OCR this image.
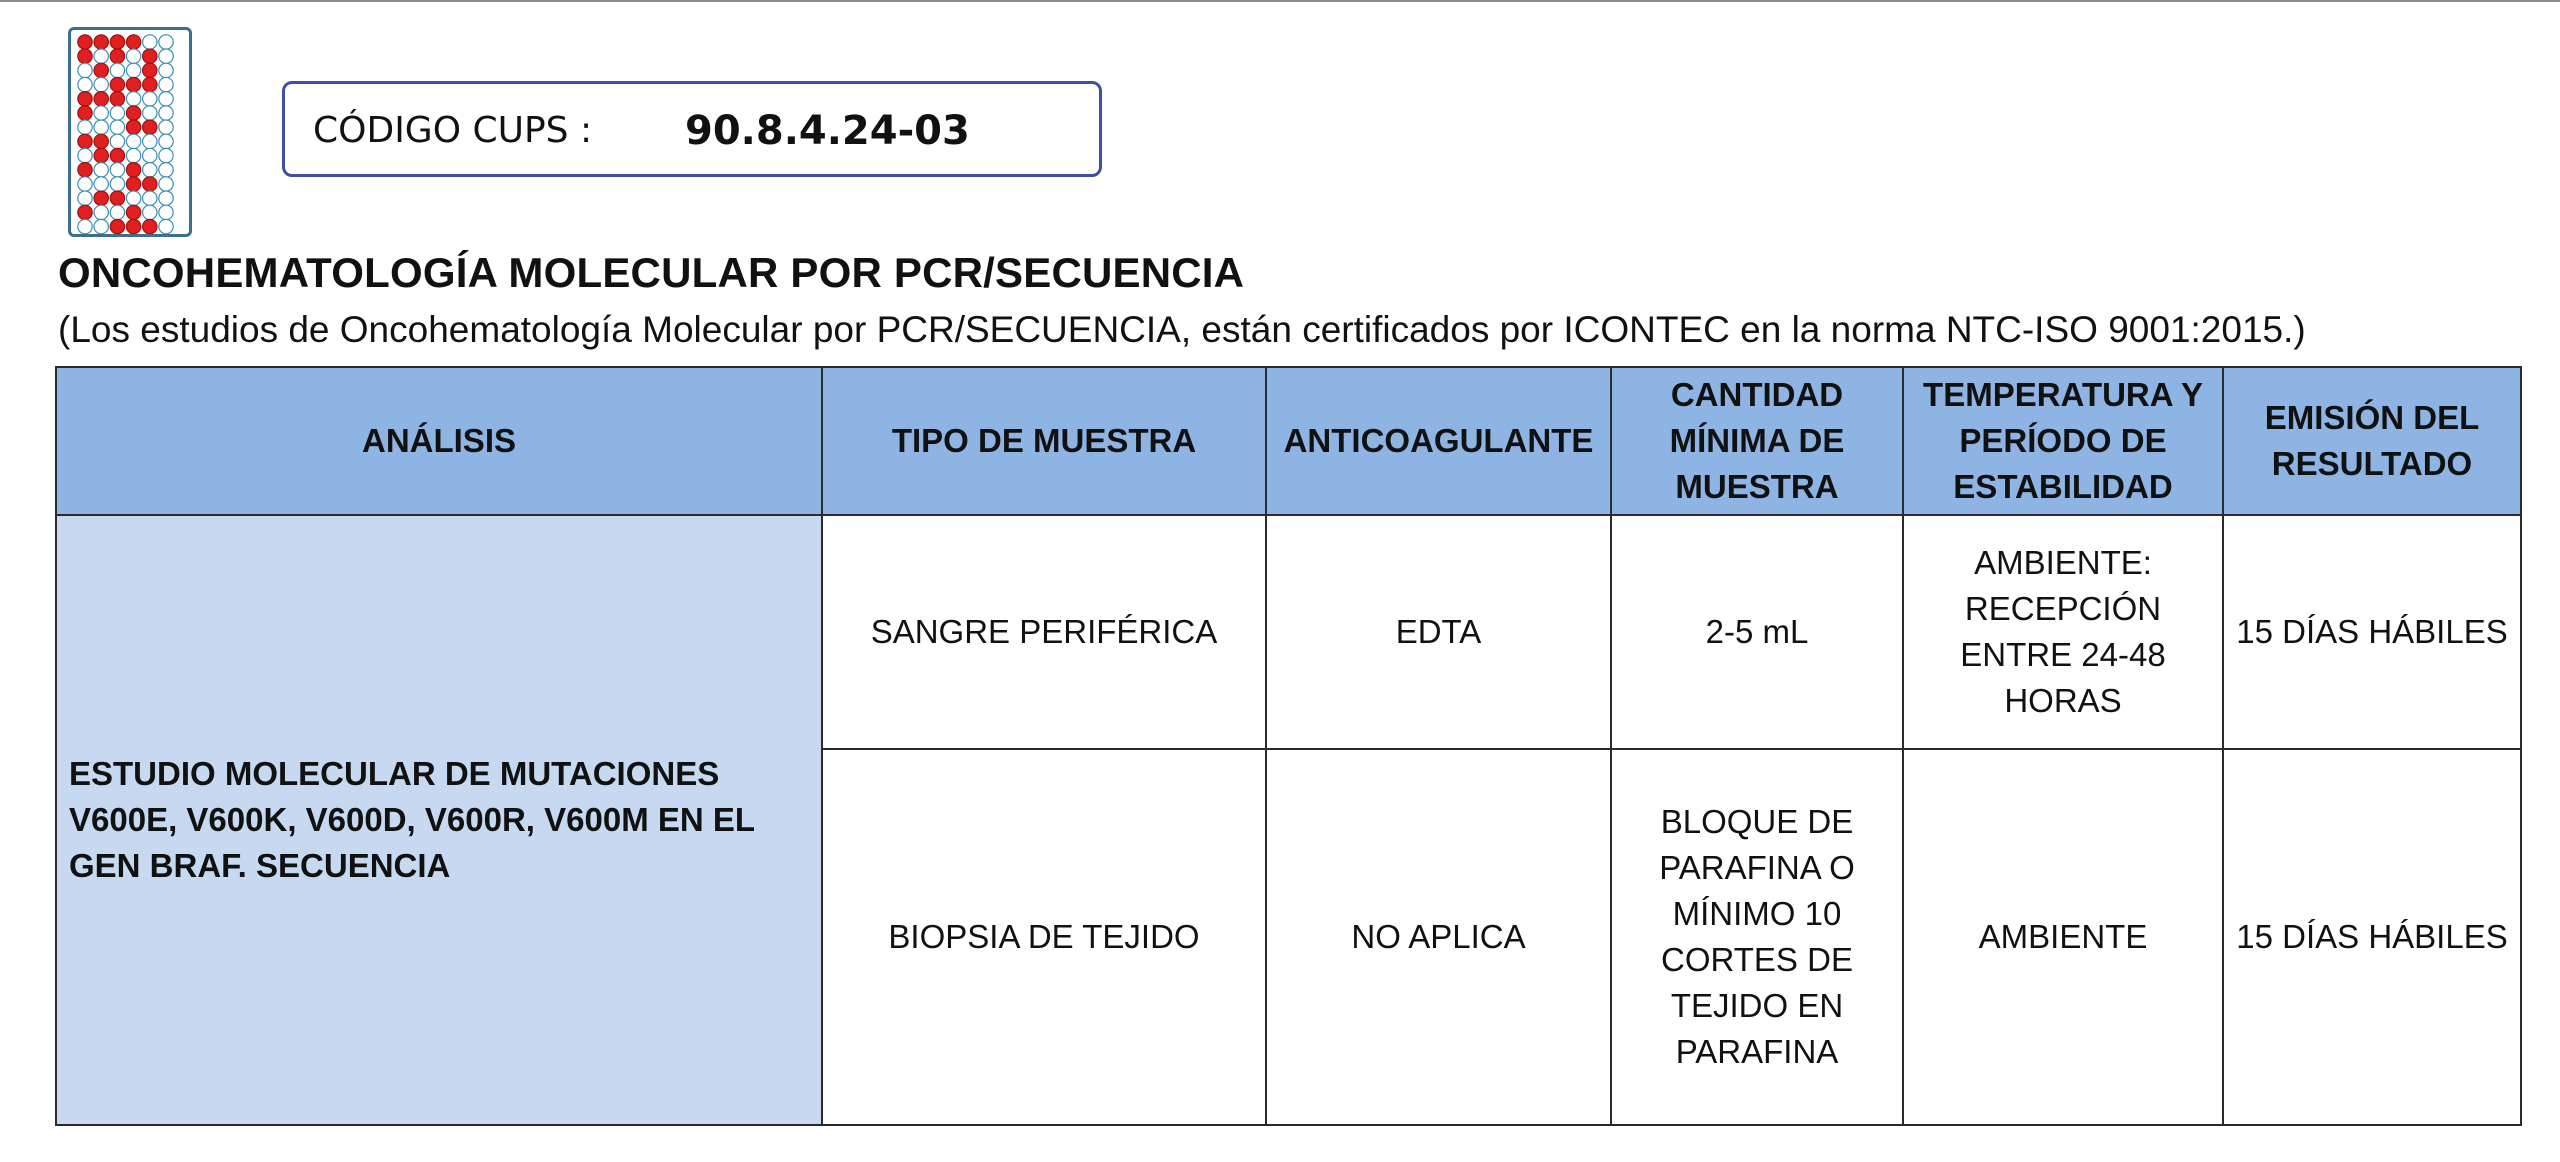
CÓDIGO CUPS : 90.8.4.24-03
ONCOHEMATOLOGÍA MOLECULAR POR PCR/SECUENCIA
(Los estudios de Oncohematología Molecular por PCR/SECUENCIA, están certificados por ICONTEC en la norma NTC-ISO 9001:2015.)
ANÁLISIS	TIPO DE MUESTRA	ANTICOAGULANTE	CANTIDAD MÍNIMA DE MUESTRA	TEMPERATURA Y PERÍODO DE ESTABILIDAD	EMISIÓN DEL RESULTADO
ESTUDIO MOLECULAR DE MUTACIONES V600E, V600K, V600D, V600R, V600M EN EL GEN BRAF. SECUENCIA	SANGRE PERIFÉRICA	EDTA	2-5 mL	AMBIENTE: RECEPCIÓN ENTRE 24-48 HORAS	15 DÍAS HÁBILES
	BIOPSIA DE TEJIDO	NO APLICA	BLOQUE DE PARAFINA O MÍNIMO 10 CORTES DE TEJIDO EN PARAFINA	AMBIENTE	15 DÍAS HÁBILES
